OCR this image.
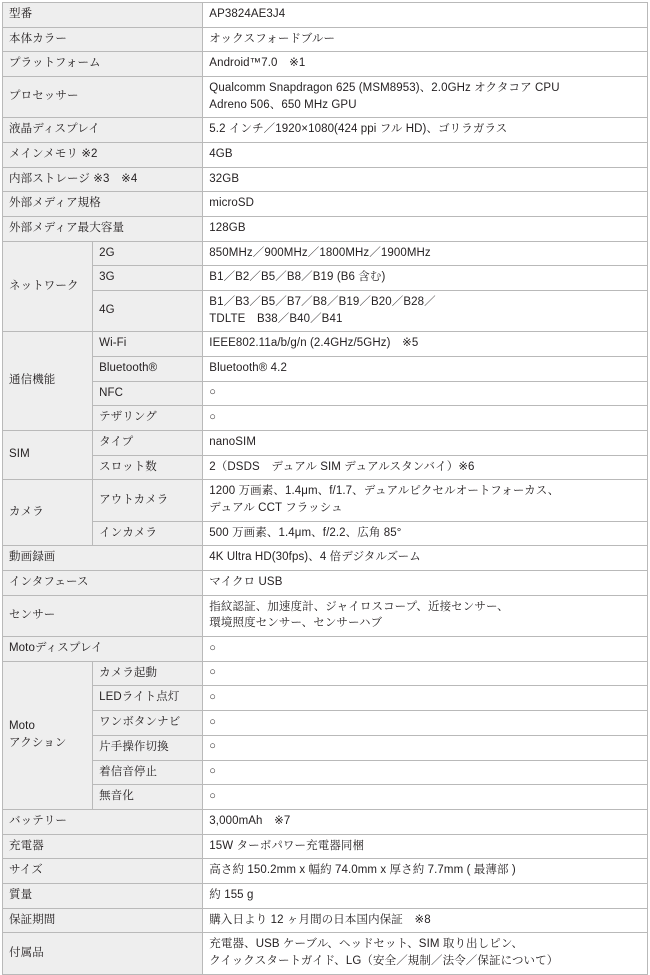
型番		AP3824AE3J4

本体カラー		オックスフォードブルー

プラットフォーム		Android™7.0　※1

プロセッサー		Qualcomm Snapdragon 625 (MSM8953)、2.0GHz オクタコア CPU
Adreno 506、650 MHz GPU

液晶ディスプレイ		5.2 インチ／1920×1080(424 ppi フル HD)、ゴリラガラス

メインメモリ ※2		4GB

内部ストレージ ※3　※4		32GB

外部メディア規格		microSD

外部メディア最大容量		128GB

ネットワーク	2G	850MHz／900MHz／1800MHz／1900MHz

	3G	B1／B2／B5／B8／B19 (B6 含む)

	4G	B1／B3／B5／B7／B8／B19／B20／B28／
TDLTE　B38／B40／B41

通信機能	Wi-Fi	IEEE802.11a/b/g/n (2.4GHz/5GHz)　※5

	Bluetooth®	Bluetooth® 4.2

	NFC	○

	テザリング	○

SIM	タイプ	nanoSIM

	スロット数	2（DSDS　デュアル SIM デュアルスタンバイ）※6

カメラ	アウトカメラ	1200 万画素、1.4μm、f/1.7、デュアルピクセルオートフォーカス、
デュアル CCT フラッシュ

	インカメラ	500 万画素、1.4μm、f/2.2、広角 85°

動画録画		4K Ultra HD(30fps)、4 倍デジタルズーム

インタフェース		マイクロ USB

センサー		指紋認証、加速度計、ジャイロスコープ、近接センサー、
環境照度センサー、センサーハブ

Motoディスプレイ		○

Moto
アクション	カメラ起動	○

	LEDライト点灯	○

	ワンボタンナビ	○

	片手操作切換	○

	着信音停止	○

	無音化	○

バッテリー		3,000mAh　※7

充電器		15W ターボパワー充電器同梱

サイズ		高さ約 150.2mm x 幅約 74.0mm x 厚さ約 7.7mm ( 最薄部 )

質量		約 155 g

保証期間		購入日より 12 ヶ月間の日本国内保証　※8

付属品		充電器、USB ケーブル、ヘッドセット、SIM 取り出しピン、
クイックスタートガイド、LG（安全／規制／法令／保証について）
